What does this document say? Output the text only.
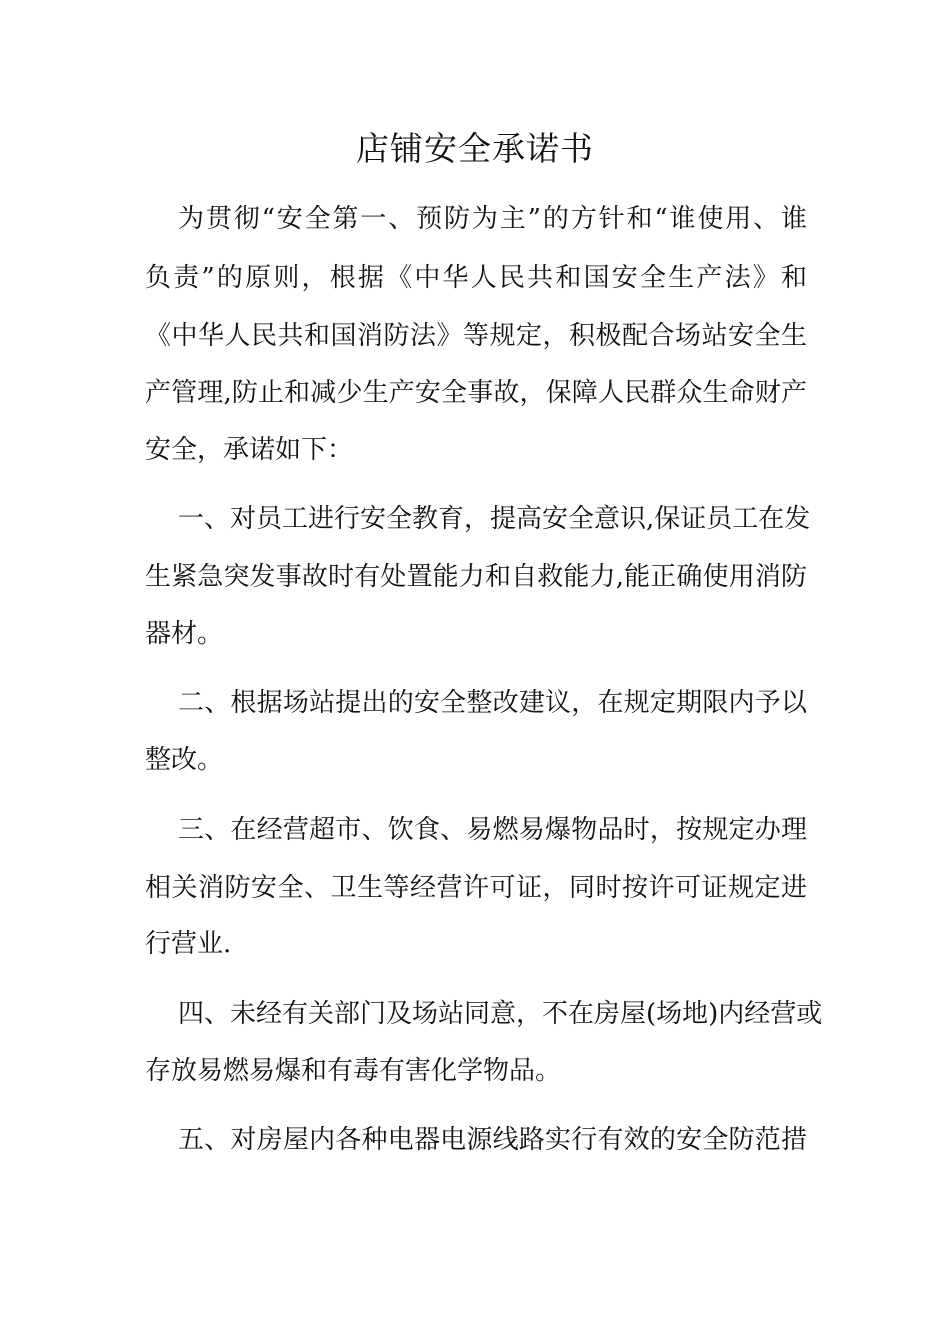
店铺安全承诺书
为贯彻“安全第一、预防为主”的方针和“谁使用、谁
负责”的原则，根据《中华人民共和国安全生产法》和
《中华人民共和国消防法》等规定，积极配合场站安全生
产管理,防止和减少生产安全事故，保障人民群众生命财产
安全，承诺如下：
一、对员工进行安全教育，提高安全意识,保证员工在发
生紧急突发事故时有处置能力和自救能力,能正确使用消防
器材。
二、根据场站提出的安全整改建议，在规定期限内予以
整改。
三、在经营超市、饮食、易燃易爆物品时，按规定办理
相关消防安全、卫生等经营许可证，同时按许可证规定进
行营业.
四、未经有关部门及场站同意，不在房屋(场地)内经营或
存放易燃易爆和有毒有害化学物品。
五、对房屋内各种电器电源线路实行有效的安全防范措
